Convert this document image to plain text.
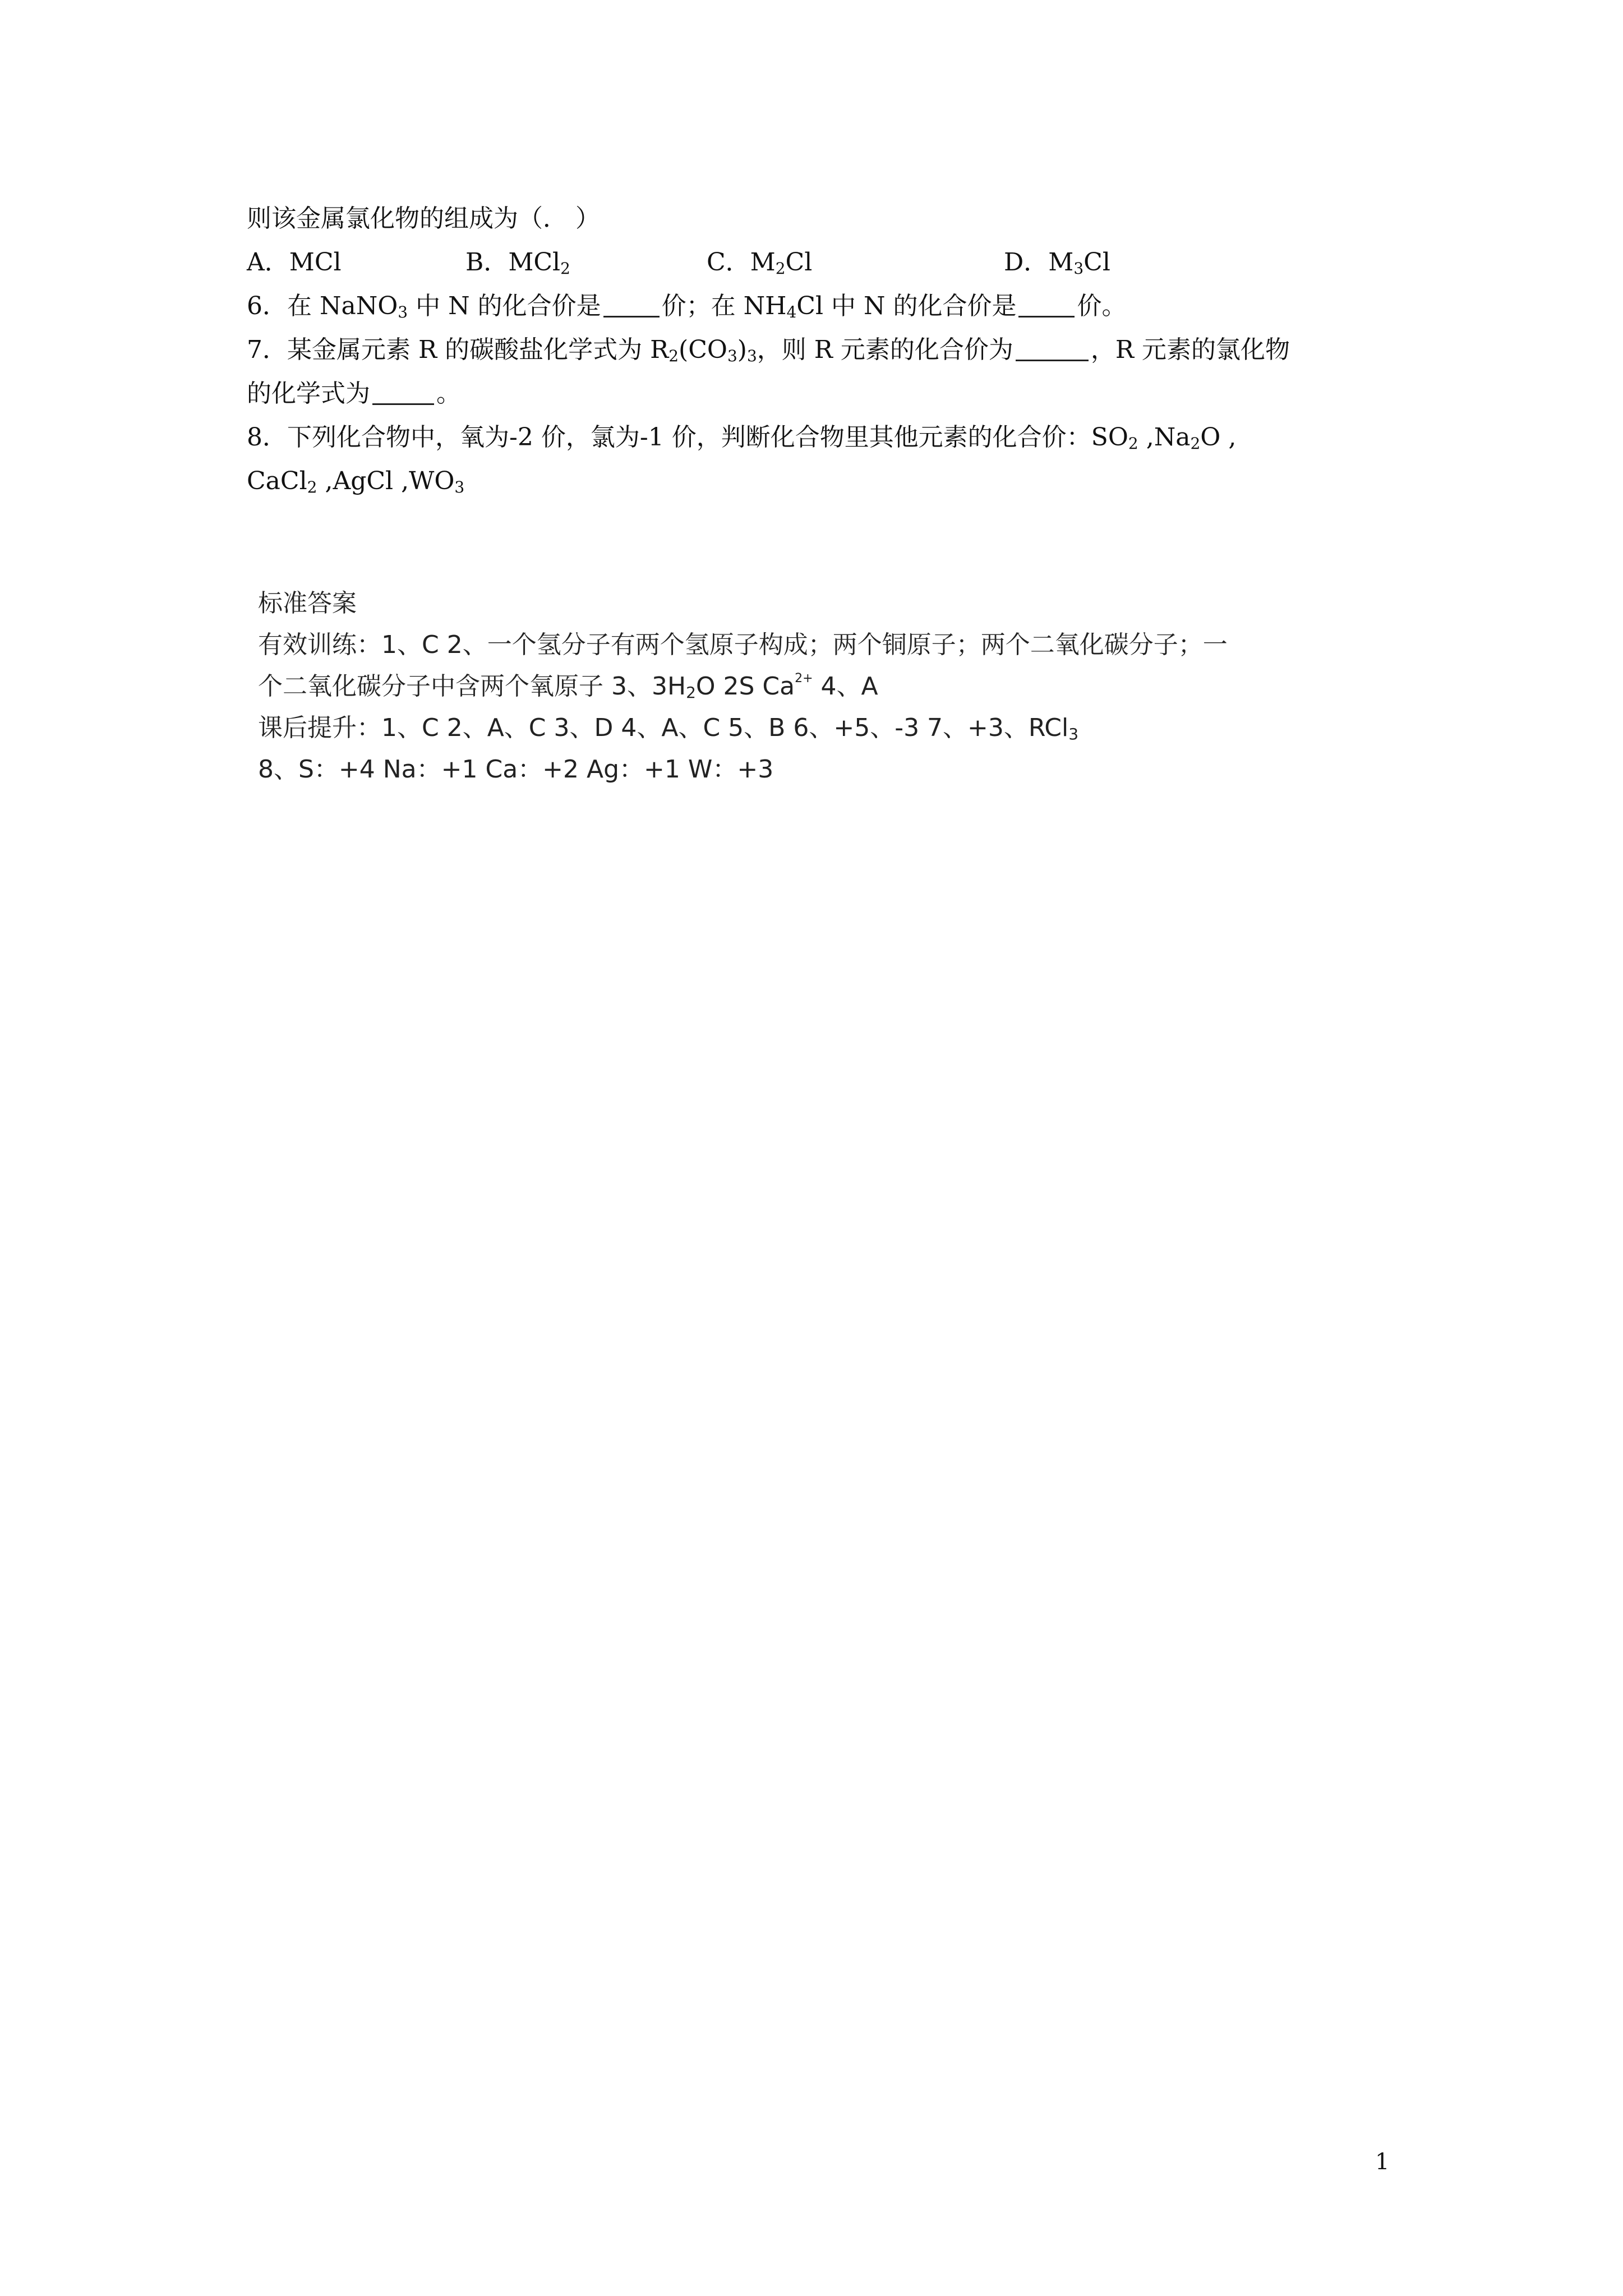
则该金属氯化物的组成为（． ）
A．MCl	B．MCl$_2$	C．$M_2Cl$	D．$M_3Cl$
6．在 NaNO$_3$ 中 N 的化合价是 价；在 $NH_4Cl$ 中 N 的化合价是 价。
7．某金属元素 R 的碳酸盐化学式为 $R_2(CO_3)_3$，则 R 元素的化合价为	，R 元素的氯化物
的化学式为	。
8．下列化合物中，氧为-2 价，氯为-1 价，判断化合物里其他元素的化合价：$SO_2$ $,Na_2O$ ,
CaCl$_2$ ,AgCl $,WO_3$
标准答案
有效训练：1、C 2、一个氢分子有两个氢原子构成；两个铜原子；两个二氧化碳分子；一
个二氧化碳分子中含两个氧原子 3、$3H_2O$ 2S $Ca^{2+}$ 4、A
课后提升：1、C 2、A、C 3、D 4、A、C 5、B 6、+5、-3 7、+3、RCl$_3$
8、S：+4 Na：+1 Ca：+2 Ag：+1 W：+3
1
